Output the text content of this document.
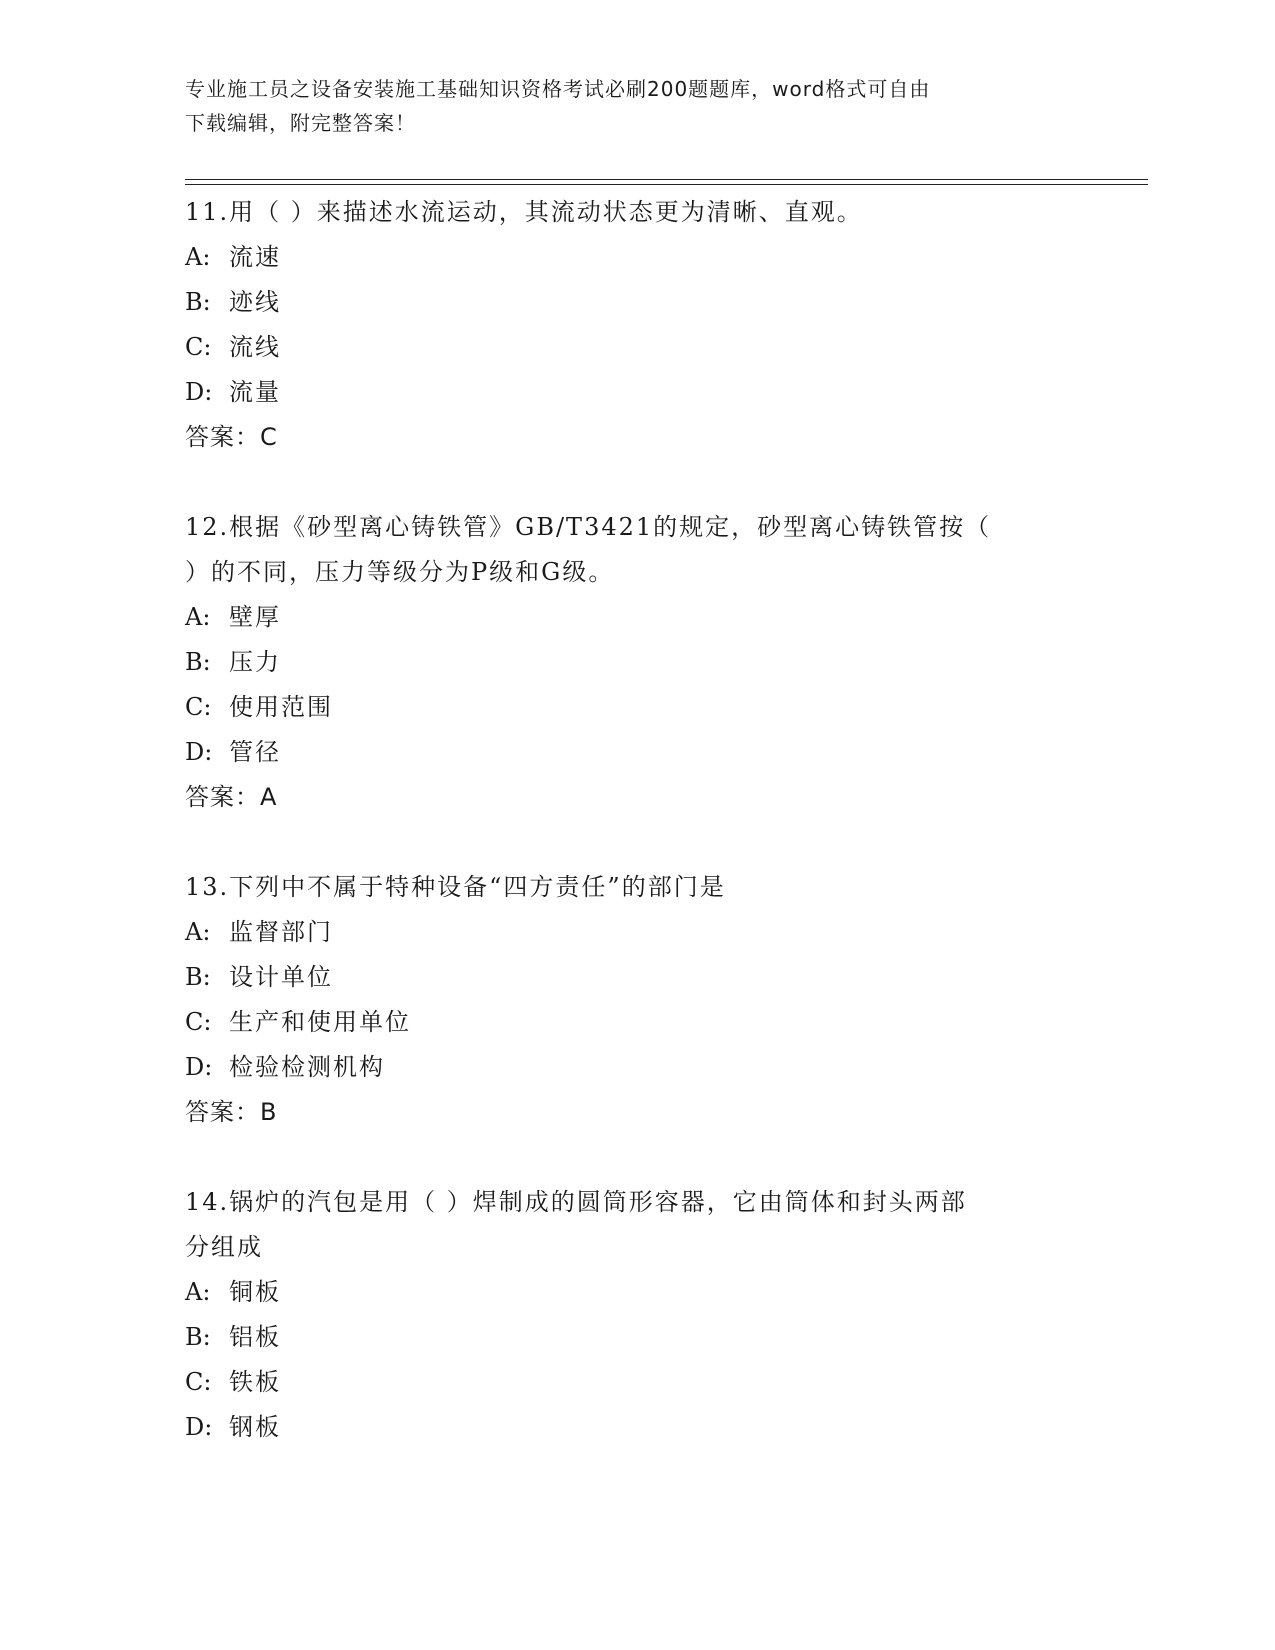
专业施工员之设备安装施工基础知识资格考试必刷200题题库，word格式可自由

下载编辑，附完整答案！

11.用（ ）来描述水流运动，其流动状态更为清晰、直观。

A: 流速

B: 迹线

C: 流线

D: 流量

答案：C

12.根据《砂型离心铸铁管》GB/T3421的规定，砂型离心铸铁管按（

）的不同，压力等级分为P级和G级。

A: 壁厚

B: 压力

C: 使用范围

D: 管径

答案：A

13.下列中不属于特种设备“四方责任”的部门是

A: 监督部门

B: 设计单位

C: 生产和使用单位

D: 检验检测机构

答案：B

14.锅炉的汽包是用（ ）焊制成的圆筒形容器，它由筒体和封头两部

分组成

A: 铜板

B: 铝板

C: 铁板

D: 钢板
